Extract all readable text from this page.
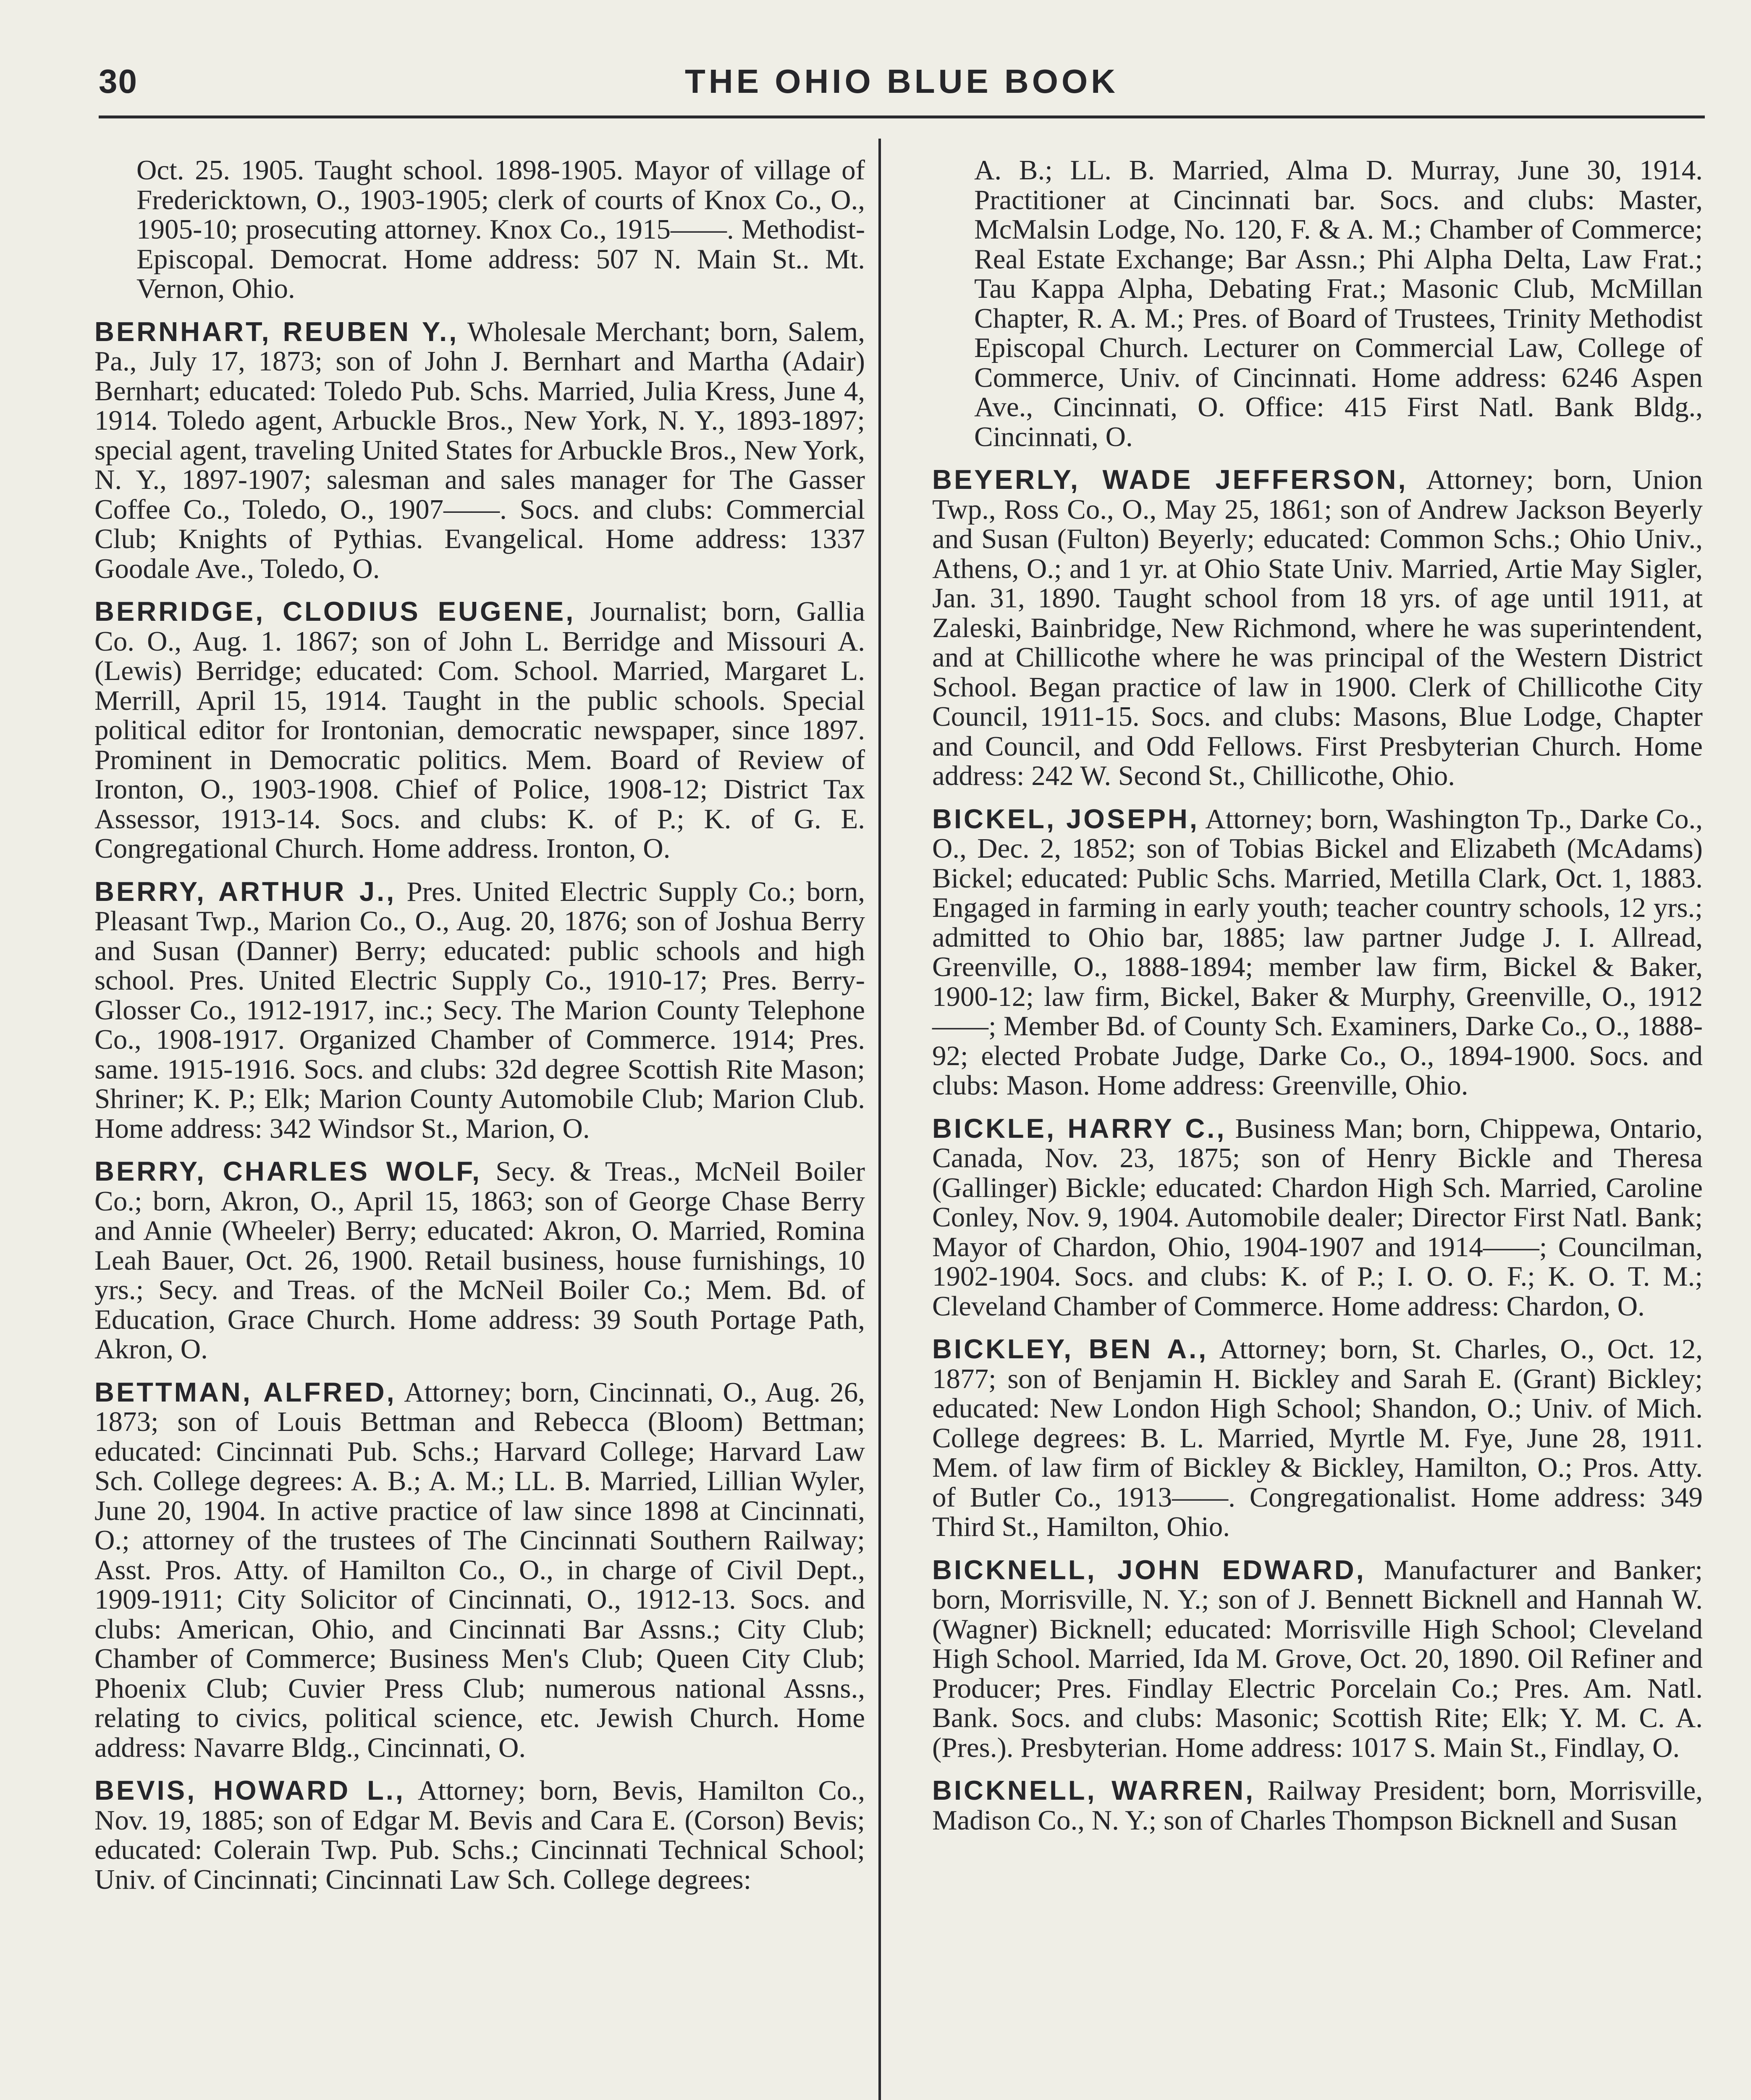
30	THE OHIO BLUE BOOK

Oct. 25. 1905. Taught school. 1898-1905. Mayor of village of Fredericktown, O., 1903-1905; clerk of courts of Knox Co., O., 1905-10; prosecuting attorney. Knox Co., 1915——. Methodist-Episcopal. Democrat. Home address: 507 N. Main St.. Mt. Vernon, Ohio.

BERNHART, REUBEN Y., Wholesale Merchant; born, Salem, Pa., July 17, 1873; son of John J. Bernhart and Martha (Adair) Bernhart; educated: Toledo Pub. Schs. Married, Julia Kress, June 4, 1914. Toledo agent, Arbuckle Bros., New York, N. Y., 1893-1897; special agent, traveling United States for Arbuckle Bros., New York, N. Y., 1897-1907; salesman and sales manager for The Gasser Coffee Co., Toledo, O., 1907——. Socs. and clubs: Commercial Club; Knights of Pythias. Evangelical. Home address: 1337 Goodale Ave., Toledo, O.

BERRIDGE, CLODIUS EUGENE, Journalist; born, Gallia Co. O., Aug. 1. 1867; son of John L. Berridge and Missouri A. (Lewis) Berridge; educated: Com. School. Married, Margaret L. Merrill, April 15, 1914. Taught in the public schools. Special political editor for Irontonian, democratic newspaper, since 1897. Prominent in Democratic politics. Mem. Board of Review of Ironton, O., 1903-1908. Chief of Police, 1908-12; District Tax Assessor, 1913-14. Socs. and clubs: K. of P.; K. of G. E. Congregational Church. Home address. Ironton, O.

BERRY, ARTHUR J., Pres. United Electric Supply Co.; born, Pleasant Twp., Marion Co., O., Aug. 20, 1876; son of Joshua Berry and Susan (Danner) Berry; educated: public schools and high school. Pres. United Electric Supply Co., 1910-17; Pres. Berry-Glosser Co., 1912-1917, inc.; Secy. The Marion County Telephone Co., 1908-1917. Organized Chamber of Commerce. 1914; Pres. same. 1915-1916. Socs. and clubs: 32d degree Scottish Rite Mason; Shriner; K. P.; Elk; Marion County Automobile Club; Marion Club. Home address: 342 Windsor St., Marion, O.

BERRY, CHARLES WOLF, Secy. & Treas., McNeil Boiler Co.; born, Akron, O., April 15, 1863; son of George Chase Berry and Annie (Wheeler) Berry; educated: Akron, O. Married, Romina Leah Bauer, Oct. 26, 1900. Retail business, house furnishings, 10 yrs.; Secy. and Treas. of the McNeil Boiler Co.; Mem. Bd. of Education, Grace Church. Home address: 39 South Portage Path, Akron, O.

BETTMAN, ALFRED, Attorney; born, Cincinnati, O., Aug. 26, 1873; son of Louis Bettman and Rebecca (Bloom) Bettman; educated: Cincinnati Pub. Schs.; Harvard College; Harvard Law Sch. College degrees: A. B.; A. M.; LL. B. Married, Lillian Wyler, June 20, 1904. In active practice of law since 1898 at Cincinnati, O.; attorney of the trustees of The Cincinnati Southern Railway; Asst. Pros. Atty. of Hamilton Co., O., in charge of Civil Dept., 1909-1911; City Solicitor of Cincinnati, O., 1912-13. Socs. and clubs: American, Ohio, and Cincinnati Bar Assns.; City Club; Chamber of Commerce; Business Men's Club; Queen City Club; Phoenix Club; Cuvier Press Club; numerous national Assns., relating to civics, political science, etc. Jewish Church. Home address: Navarre Bldg., Cincinnati, O.

BEVIS, HOWARD L., Attorney; born, Bevis, Hamilton Co., Nov. 19, 1885; son of Edgar M. Bevis and Cara E. (Corson) Bevis; educated: Colerain Twp. Pub. Schs.; Cincinnati Technical School; Univ. of Cincinnati; Cincinnati Law Sch. College degrees:

A. B.; LL. B. Married, Alma D. Murray, June 30, 1914. Practitioner at Cincinnati bar. Socs. and clubs: Master, McMalsin Lodge, No. 120, F. & A. M.; Chamber of Commerce; Real Estate Exchange; Bar Assn.; Phi Alpha Delta, Law Frat.; Tau Kappa Alpha, Debating Frat.; Masonic Club, McMillan Chapter, R. A. M.; Pres. of Board of Trustees, Trinity Methodist Episcopal Church. Lecturer on Commercial Law, College of Commerce, Univ. of Cincinnati. Home address: 6246 Aspen Ave., Cincinnati, O. Office: 415 First Natl. Bank Bldg., Cincinnati, O.

BEYERLY, WADE JEFFERSON, Attorney; born, Union Twp., Ross Co., O., May 25, 1861; son of Andrew Jackson Beyerly and Susan (Fulton) Beyerly; educated: Common Schs.; Ohio Univ., Athens, O.; and 1 yr. at Ohio State Univ. Married, Artie May Sigler, Jan. 31, 1890. Taught school from 18 yrs. of age until 1911, at Zaleski, Bainbridge, New Richmond, where he was superintendent, and at Chillicothe where he was principal of the Western District School. Began practice of law in 1900. Clerk of Chillicothe City Council, 1911-15. Socs. and clubs: Masons, Blue Lodge, Chapter and Council, and Odd Fellows. First Presbyterian Church. Home address: 242 W. Second St., Chillicothe, Ohio.

BICKEL, JOSEPH, Attorney; born, Washington Tp., Darke Co., O., Dec. 2, 1852; son of Tobias Bickel and Elizabeth (McAdams) Bickel; educated: Public Schs. Married, Metilla Clark, Oct. 1, 1883. Engaged in farming in early youth; teacher country schools, 12 yrs.; admitted to Ohio bar, 1885; law partner Judge J. I. Allread, Greenville, O., 1888-1894; member law firm, Bickel & Baker, 1900-12; law firm, Bickel, Baker & Murphy, Greenville, O., 1912——; Member Bd. of County Sch. Examiners, Darke Co., O., 1888-92; elected Probate Judge, Darke Co., O., 1894-1900. Socs. and clubs: Mason. Home address: Greenville, Ohio.

BICKLE, HARRY C., Business Man; born, Chippewa, Ontario, Canada, Nov. 23, 1875; son of Henry Bickle and Theresa (Gallinger) Bickle; educated: Chardon High Sch. Married, Caroline Conley, Nov. 9, 1904. Automobile dealer; Director First Natl. Bank; Mayor of Chardon, Ohio, 1904-1907 and 1914——; Councilman, 1902-1904. Socs. and clubs: K. of P.; I. O. O. F.; K. O. T. M.; Cleveland Chamber of Commerce. Home address: Chardon, O.

BICKLEY, BEN A., Attorney; born, St. Charles, O., Oct. 12, 1877; son of Benjamin H. Bickley and Sarah E. (Grant) Bickley; educated: New London High School; Shandon, O.; Univ. of Mich. College degrees: B. L. Married, Myrtle M. Fye, June 28, 1911. Mem. of law firm of Bickley & Bickley, Hamilton, O.; Pros. Atty. of Butler Co., 1913——. Congregationalist. Home address: 349 Third St., Hamilton, Ohio.

BICKNELL, JOHN EDWARD, Manufacturer and Banker; born, Morrisville, N. Y.; son of J. Bennett Bicknell and Hannah W. (Wagner) Bicknell; educated: Morrisville High School; Cleveland High School. Married, Ida M. Grove, Oct. 20, 1890. Oil Refiner and Producer; Pres. Findlay Electric Porcelain Co.; Pres. Am. Natl. Bank. Socs. and clubs: Masonic; Scottish Rite; Elk; Y. M. C. A. (Pres.). Presbyterian. Home address: 1017 S. Main St., Findlay, O.

BICKNELL, WARREN, Railway President; born, Morrisville, Madison Co., N. Y.; son of Charles Thompson Bicknell and Susan
